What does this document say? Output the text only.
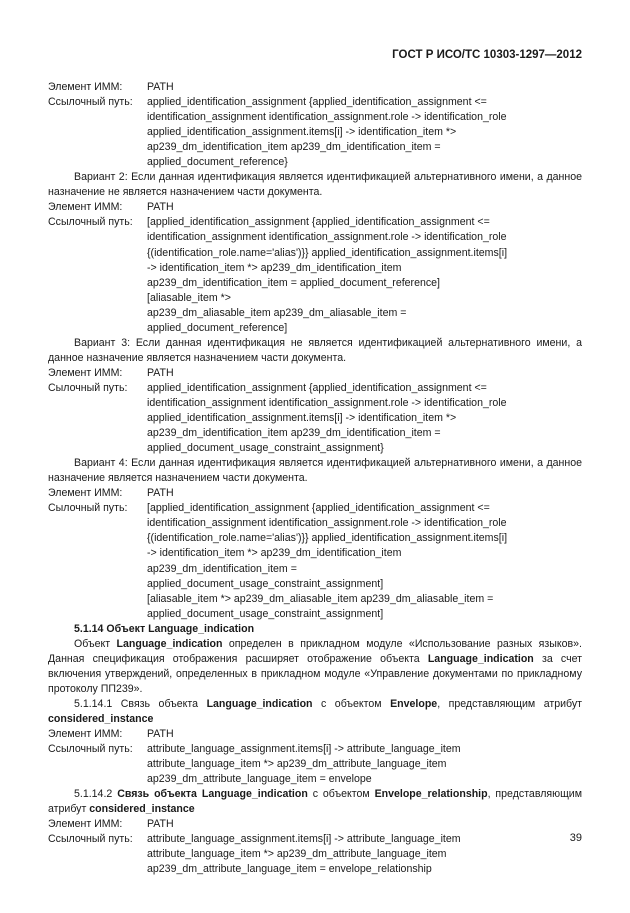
ГОСТ Р ИСО/ТС 10303-1297—2012
Элемент ИММ:	PATH
Ссылочный путь:	applied_identification_assignment {applied_identification_assignment <=
identification_assignment identification_assignment.role -> identification_role
applied_identification_assignment.items[i] -> identification_item *>
ap239_dm_identification_item ap239_dm_identification_item =
applied_document_reference}
Вариант 2: Если данная идентификация является идентификацией альтернативного имени, а данное назначение не является назначением части документа.
Элемент ИММ:	PATH
Ссылочный путь:	[applied_identification_assignment {applied_identification_assignment <=
identification_assignment identification_assignment.role -> identification_role
{(identification_role.name='alias')}} applied_identification_assignment.items[i]
-> identification_item *> ap239_dm_identification_item
ap239_dm_identification_item = applied_document_reference]
[aliasable_item *>
ap239_dm_aliasable_item ap239_dm_aliasable_item =
applied_document_reference]
Вариант 3: Если данная идентификация не является идентификацией альтернативного имени, а данное назначение является назначением части документа.
Элемент ИММ:	PATH
Сылочный путь:	applied_identification_assignment {applied_identification_assignment <=
identification_assignment identification_assignment.role -> identification_role
applied_identification_assignment.items[i] -> identification_item *>
ap239_dm_identification_item ap239_dm_identification_item =
applied_document_usage_constraint_assignment}
Вариант 4: Если данная идентификация является идентификацией альтернативного имени, а данное назначение является назначением части документа.
Элемент ИММ:	PATH
Сылочный путь:	[applied_identification_assignment {applied_identification_assignment <=
identification_assignment identification_assignment.role -> identification_role
{(identification_role.name='alias')}} applied_identification_assignment.items[i]
-> identification_item *> ap239_dm_identification_item
ap239_dm_identification_item =
applied_document_usage_constraint_assignment]
[aliasable_item *> ap239_dm_aliasable_item ap239_dm_aliasable_item =
applied_document_usage_constraint_assignment]
5.1.14 Объект Language_indication
Объект Language_indication определен в прикладном модуле «Использование разных языков». Данная спецификация отображения расширяет отображение объекта Language_indication за счет включения утверждений, определенных в прикладном модуле «Управление документами по прикладному протоколу ПП239».
5.1.14.1 Связь объекта Language_indication с объектом Envelope, представляющим атрибут considered_instance
Элемент ИММ:	PATH
Ссылочный путь:	attribute_language_assignment.items[i] -> attribute_language_item
attribute_language_item *> ap239_dm_attribute_language_item
ap239_dm_attribute_language_item = envelope
5.1.14.2 Связь объекта Language_indication с объектом Envelope_relationship, представляющим атрибут considered_instance
Элемент ИММ:	PATH
Ссылочный путь:	attribute_language_assignment.items[i] -> attribute_language_item
attribute_language_item *> ap239_dm_attribute_language_item
ap239_dm_attribute_language_item = envelope_relationship
39
